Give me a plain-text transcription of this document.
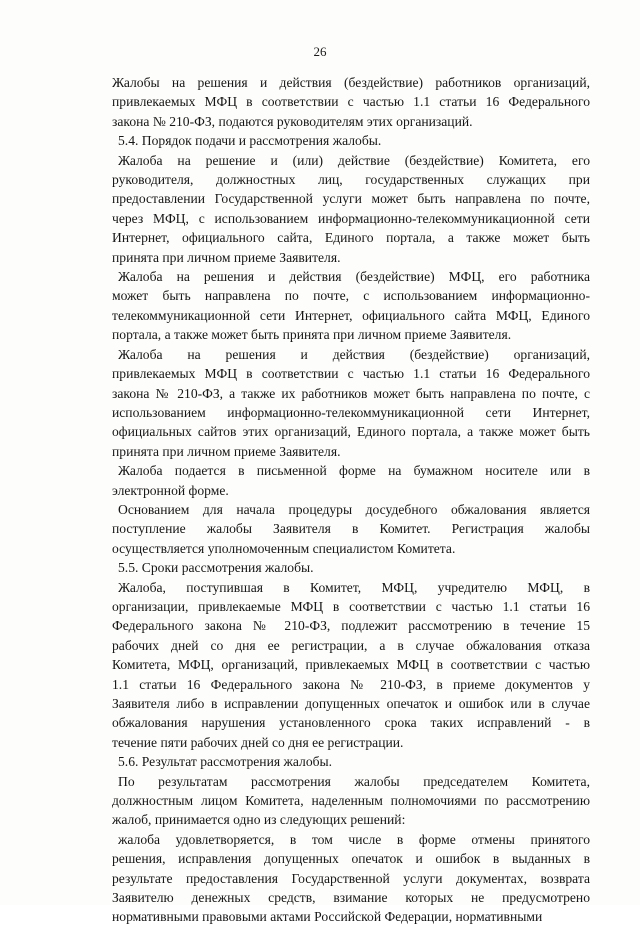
26
Жалобы на решения и действия (бездействие) работников организаций,
привлекаемых МФЦ в соответствии с частью 1.1 статьи 16 Федерального
закона № 210-ФЗ, подаются руководителям этих организаций.
5.4. Порядок подачи и рассмотрения жалобы.
Жалоба на решение и (или) действие (бездействие) Комитета, его
руководителя, должностных лиц, государственных служащих при
предоставлении Государственной услуги может быть направлена по почте,
через МФЦ, с использованием информационно-телекоммуникационной сети
Интернет, официального сайта, Единого портала, а также может быть
принята при личном приеме Заявителя.
Жалоба на решения и действия (бездействие) МФЦ, его работника
может быть направлена по почте, с использованием информационно-
телекоммуникационной сети Интернет, официального сайта МФЦ, Единого
портала, а также может быть принята при личном приеме Заявителя.
Жалоба на решения и действия (бездействие) организаций,
привлекаемых МФЦ в соответствии с частью 1.1 статьи 16 Федерального
закона № 210-ФЗ, а также их работников может быть направлена по почте, с
использованием информационно-телекоммуникационной сети Интернет,
официальных сайтов этих организаций, Единого портала, а также может быть
принята при личном приеме Заявителя.
Жалоба подается в письменной форме на бумажном носителе или в
электронной форме.
Основанием для начала процедуры досудебного обжалования является
поступление жалобы Заявителя в Комитет. Регистрация жалобы
осуществляется уполномоченным специалистом Комитета.
5.5. Сроки рассмотрения жалобы.
Жалоба, поступившая в Комитет, МФЦ, учредителю МФЦ, в
организации, привлекаемые МФЦ в соответствии с частью 1.1 статьи 16
Федерального закона № 210-ФЗ, подлежит рассмотрению в течение 15
рабочих дней со дня ее регистрации, а в случае обжалования отказа
Комитета, МФЦ, организаций, привлекаемых МФЦ в соответствии с частью
1.1 статьи 16 Федерального закона № 210-ФЗ, в приеме документов у
Заявителя либо в исправлении допущенных опечаток и ошибок или в случае
обжалования нарушения установленного срока таких исправлений - в
течение пяти рабочих дней со дня ее регистрации.
5.6. Результат рассмотрения жалобы.
По результатам рассмотрения жалобы председателем Комитета,
должностным лицом Комитета, наделенным полномочиями по рассмотрению
жалоб, принимается одно из следующих решений:
жалоба удовлетворяется, в том числе в форме отмены принятого
решения, исправления допущенных опечаток и ошибок в выданных в
результате предоставления Государственной услуги документах, возврата
Заявителю денежных средств, взимание которых не предусмотрено
нормативными правовыми актами Российской Федерации, нормативными
